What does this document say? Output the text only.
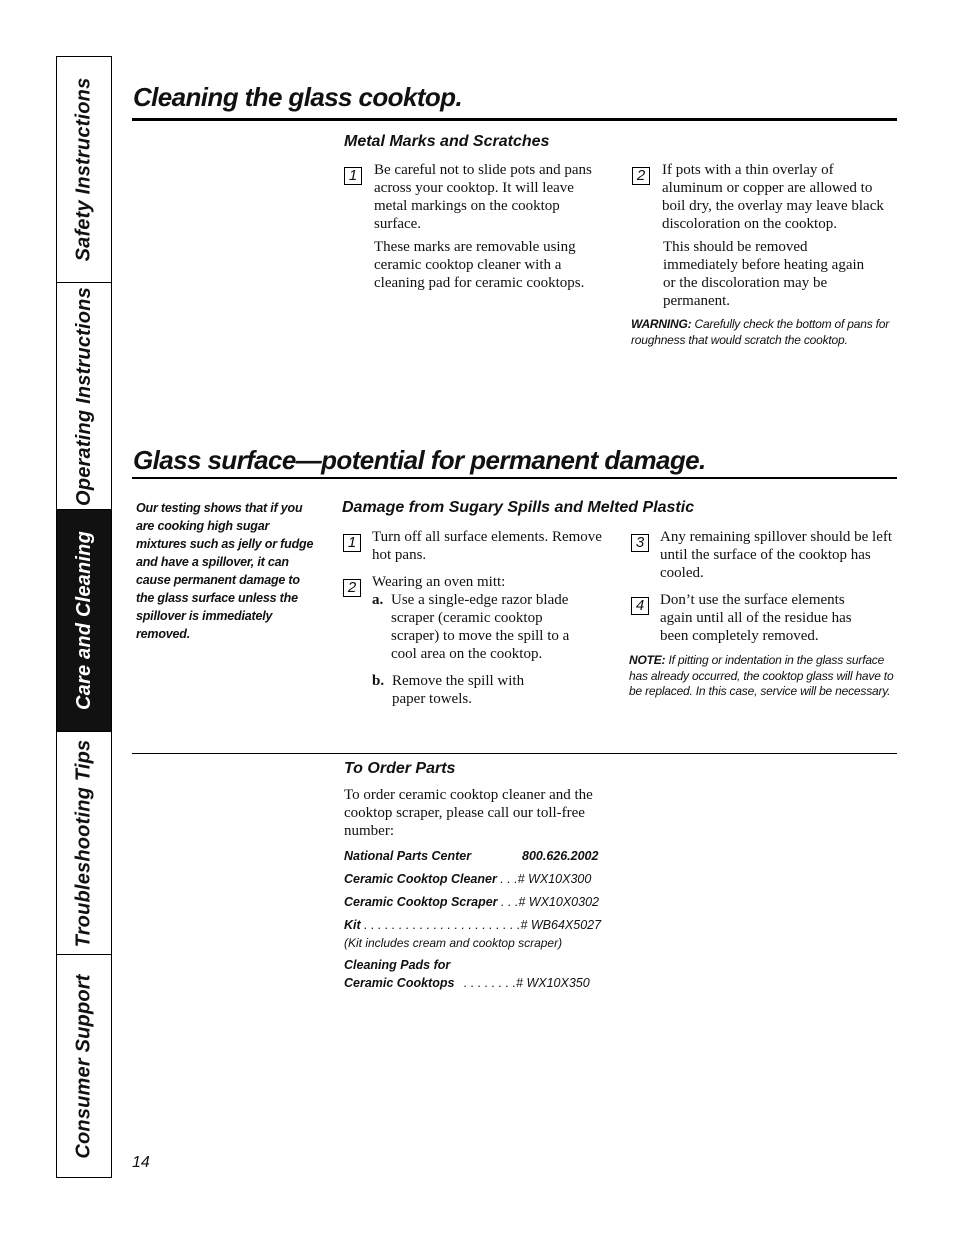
Safety Instructions
Operating Instructions
Care and Cleaning
Troubleshooting Tips
Consumer Support
Cleaning the glass cooktop.
Metal Marks and Scratches
1	Be careful not to slide pots and pans across your cooktop. It will leave metal markings on the cooktop surface.
These marks are removable using ceramic cooktop cleaner with a cleaning pad for ceramic cooktops.
2	If pots with a thin overlay of aluminum or copper are allowed to boil dry, the overlay may leave black discoloration on the cooktop.
This should be removed immediately before heating again or the discoloration may be permanent.
WARNING: Carefully check the bottom of pans for roughness that would scratch the cooktop.
Glass surface—potential for permanent damage.
Our testing shows that if you are cooking high sugar mixtures such as jelly or fudge and have a spillover, it can cause permanent damage to the glass surface unless the spillover is immediately removed.
Damage from Sugary Spills and Melted Plastic
1	Turn off all surface elements. Remove hot pans.
2	Wearing an oven mitt:
a. Use a single-edge razor blade scraper (ceramic cooktop scraper) to move the spill to a cool area on the cooktop.
b. Remove the spill with paper towels.
3	Any remaining spillover should be left until the surface of the cooktop has cooled.
4	Don’t use the surface elements again until all of the residue has been completely removed.
NOTE: If pitting or indentation in the glass surface has already occurred, the cooktop glass will have to be replaced. In this case, service will be necessary.
To Order Parts
To order ceramic cooktop cleaner and the cooktop scraper, please call our toll-free number:
National Parts Center	800.626.2002
Ceramic Cooktop Cleaner . . .# WX10X300
Ceramic Cooktop Scraper . . .# WX10X0302
Kit . . . . . . . . . . . . . . . . . . . . . . .# WB64X5027
(Kit includes cream and cooktop scraper)
Cleaning Pads for
Ceramic Cooktops . . . . . . . .# WX10X350
14
